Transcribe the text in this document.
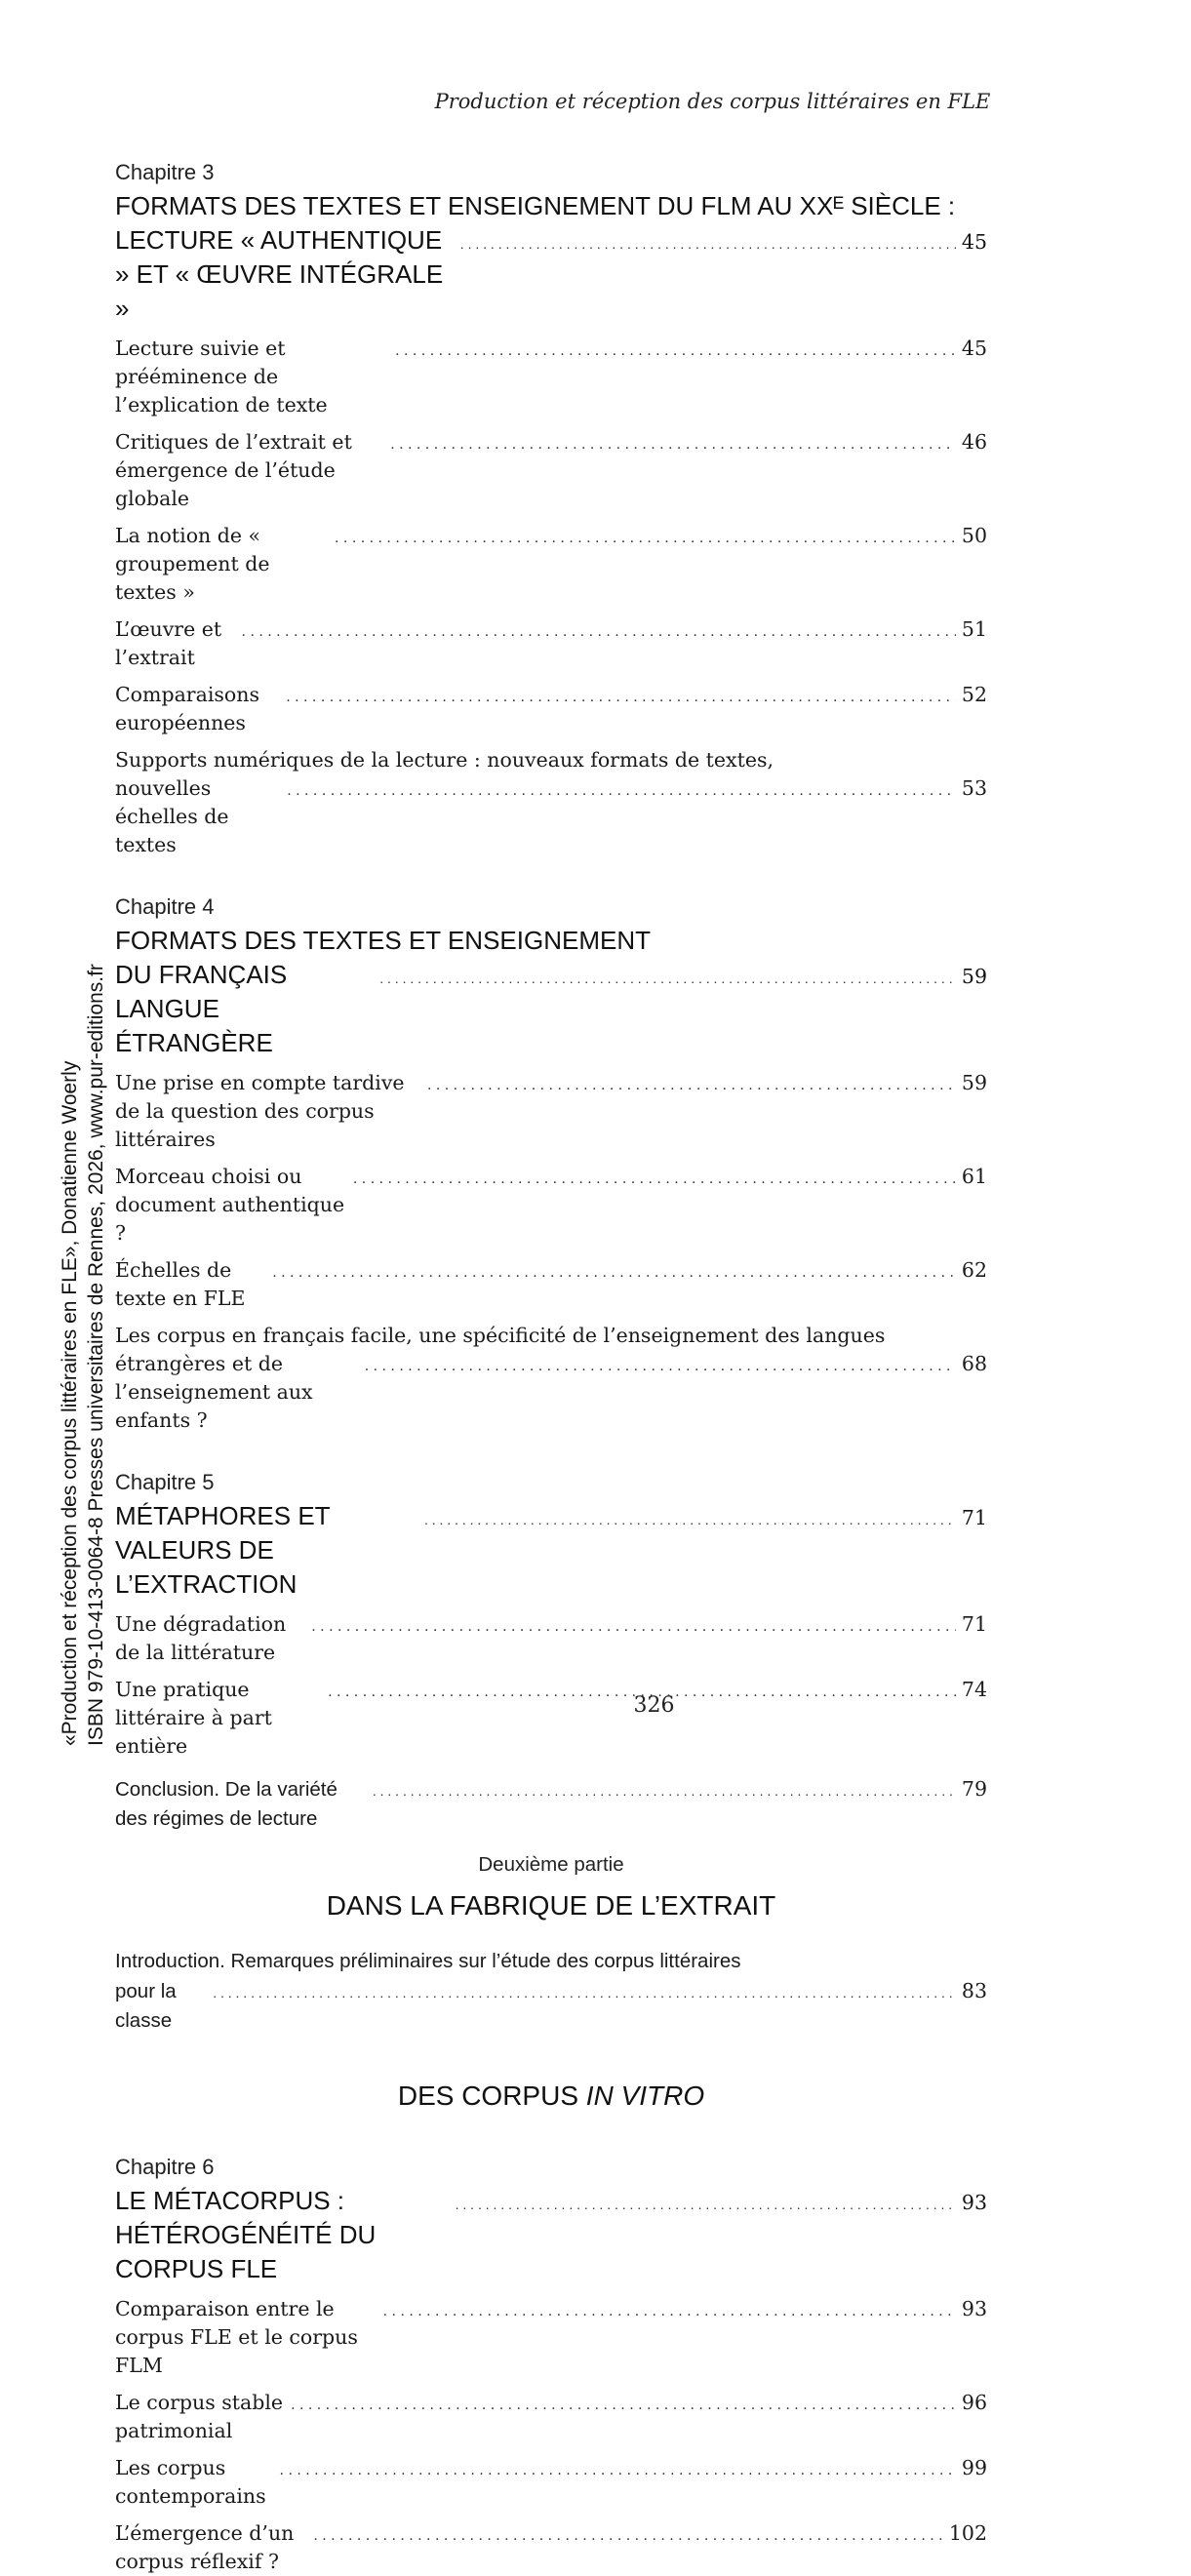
Production et réception des corpus littéraires en FLE
Chapitre 3
FORMATS DES TEXTES ET ENSEIGNEMENT DU FLM AU XXᴱ SIÈCLE :
LECTURE « AUTHENTIQUE » ET « ŒUVRE INTÉGRALE »
. . .
45
Lecture suivie et prééminence de l’explication de texte
. . .
45
Critiques de l’extrait et émergence de l’étude globale
. . .
46
La notion de « groupement de textes »
. . .
50
L’œuvre et l’extrait
. . .
51
Comparaisons européennes
. . .
52
Supports numériques de la lecture : nouveaux formats de textes,
nouvelles échelles de textes
. . .
53
Chapitre 4
FORMATS DES TEXTES ET ENSEIGNEMENT
DU FRANÇAIS LANGUE ÉTRANGÈRE
. . .
59
Une prise en compte tardive de la question des corpus littéraires
. . .
59
Morceau choisi ou document authentique ?
. . .
61
Échelles de texte en FLE
. . .
62
Les corpus en français facile, une spécificité de l’enseignement des langues
étrangères et de l’enseignement aux enfants ?
. . .
68
Chapitre 5
MÉTAPHORES ET VALEURS DE L’EXTRACTION
. . .
71
Une dégradation de la littérature
. . .
71
Une pratique littéraire à part entière
. . .
74
Conclusion. De la variété des régimes de lecture
. . .
79
Deuxième partie
DANS LA FABRIQUE DE L’EXTRAIT
Introduction. Remarques préliminaires sur l’étude des corpus littéraires
pour la classe
. . .
83
DES CORPUS IN VITRO
Chapitre 6
LE MÉTACORPUS : HÉTÉROGÉNÉITÉ DU CORPUS FLE
. . .
93
Comparaison entre le corpus FLE et le corpus FLM
. . .
93
Le corpus stable patrimonial
. . .
96
Les corpus contemporains
. . .
99
L’émergence d’un corpus réflexif ?
. . .
102
326
«Production et réception des corpus littéraires en FLE», Donatienne Woerly ISBN 979-10-413-0064-8 Presses universitaires de Rennes, 2026, www.pur-editions.fr
